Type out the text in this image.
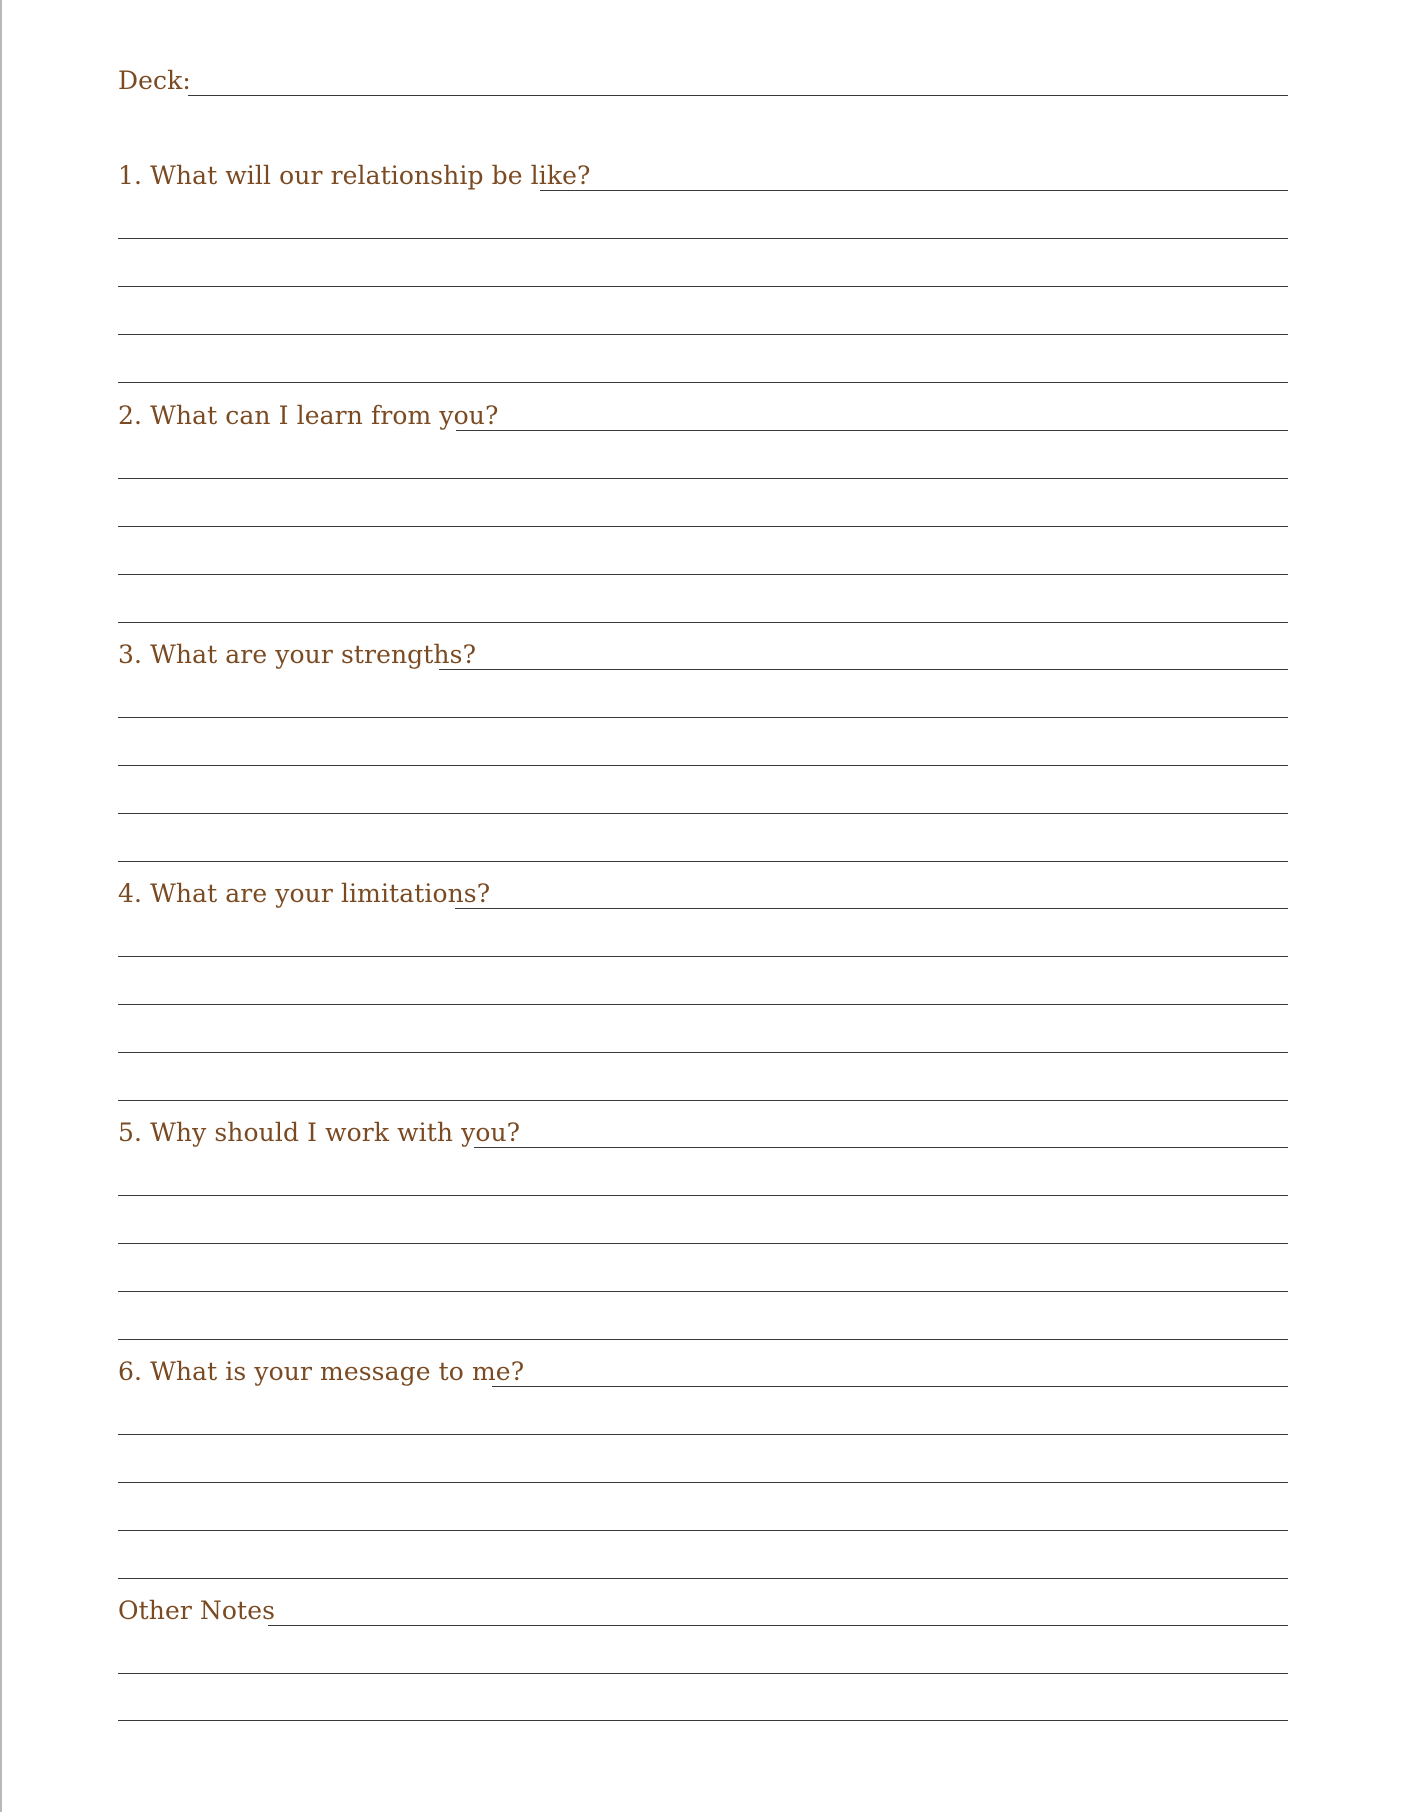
Deck:
1. What will our relationship be like?
2. What can I learn from you?
3. What are your strengths?
4. What are your limitations?
5. Why should I work with you?
6. What is your message to me?
Other Notes
